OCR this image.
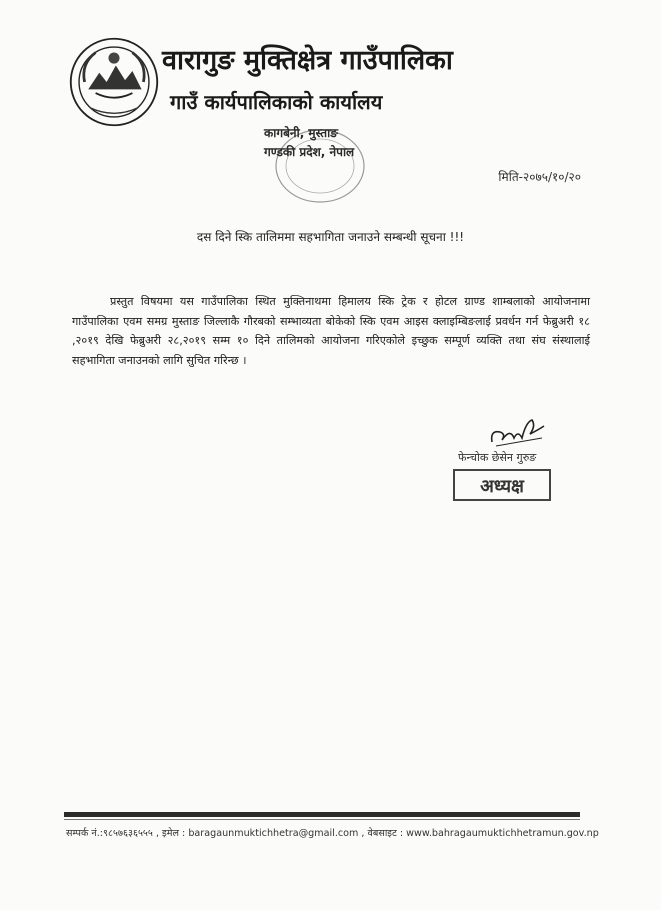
वारागुङ मुक्तिक्षेत्र गाउँपालिका
गाउँ कार्यपालिकाको कार्यालय
कागबेनी, मुस्ताङ
गण्डकी प्रदेश, नेपाल
मिति-२०७५/१०/२०
दस दिने स्कि तालिममा सहभागिता जनाउने सम्बन्धी सूचना !!!
प्रस्तुत विषयमा यस गाउँपालिका स्थित मुक्तिनाथमा हिमालय स्कि ट्रेक र होटल ग्राण्ड शाम्बलाको आयोजनामा गाउँपालिका एवम समग्र मुस्ताङ जिल्लाकै गौरबको सम्भाव्यता बोकेको स्कि एवम आइस क्लाइम्बिङलाई प्रवर्धन गर्न फेब्रुअरी १८ ,२०१९ देखि फेब्रुअरी २८,२०१९ सम्म १० दिने तालिमको आयोजना गरिएकोले इच्छुक सम्पूर्ण व्यक्ति तथा संघ संस्थालाई सहभागिता जनाउनको लागि सुचित गरिन्छ ।
फेन्चोक छेसेन गुरुङ
अध्यक्ष
सम्पर्क नं.:९८५७६३६५५५ , इमेल : baragaunmuktichhetra@gmail.com , वेबसाइट : www.bahragaumuktichhetramun.gov.np
